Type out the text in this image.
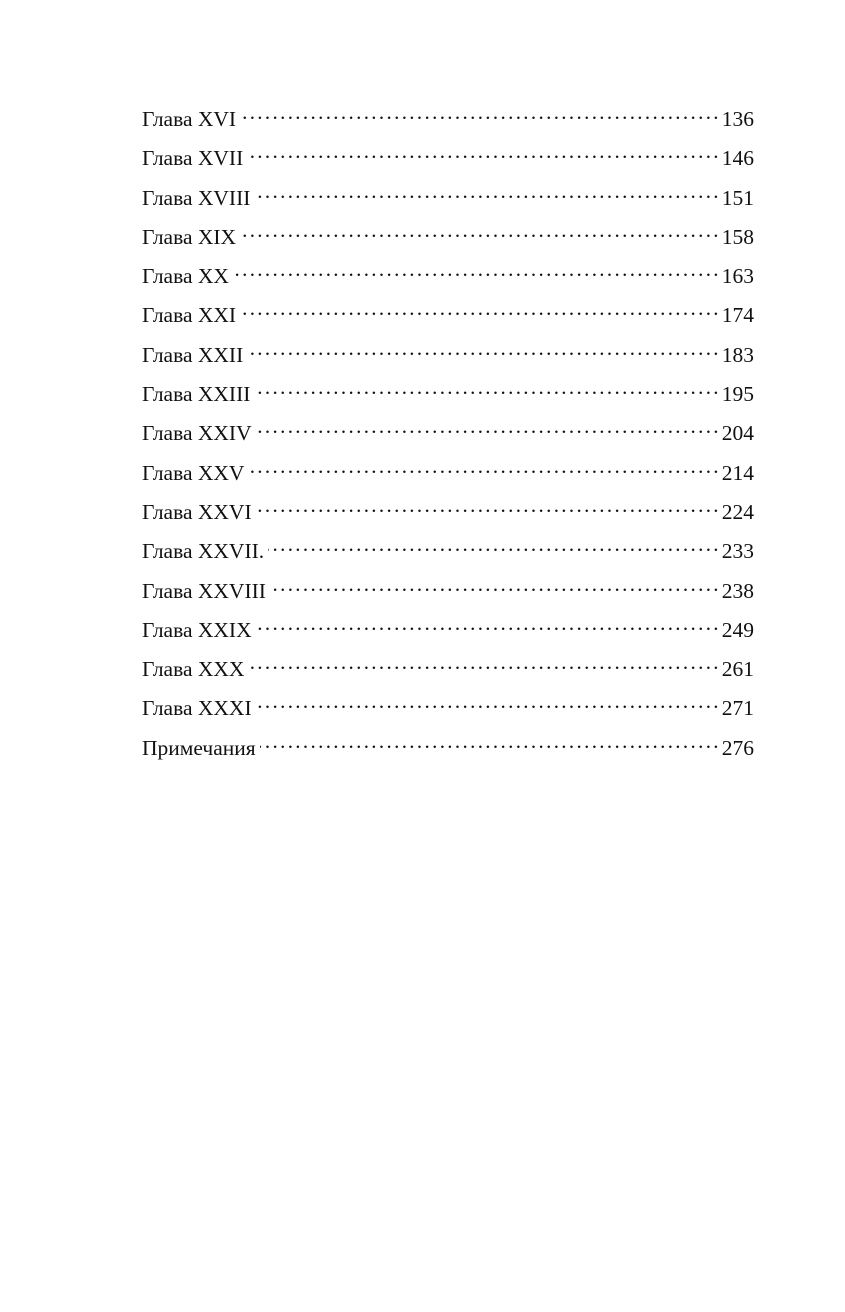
Глава XVI . . .	136
Глава XVII . . .	146
Глава XVIII . . .	151
Глава XIX . . .	158
Глава XX . . .	163
Глава XXI . . .	174
Глава XXII . . .	183
Глава XXIII . . .	195
Глава XXIV . . .	204
Глава XXV . . .	214
Глава XXVI . . .	224
Глава XXVII. . . .	233
Глава XXVIII . . .	238
Глава XXIX . . .	249
Глава XXX . . .	261
Глава XXXI . . .	271
Примечания . . .	276
